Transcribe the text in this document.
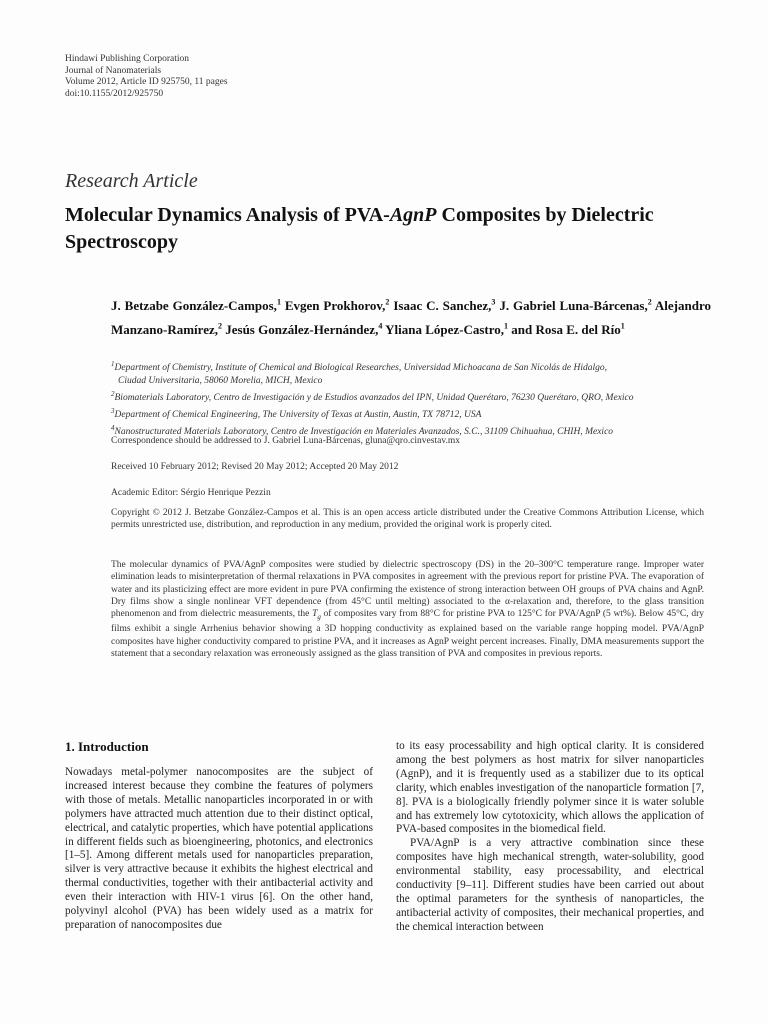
Hindawi Publishing Corporation
Journal of Nanomaterials
Volume 2012, Article ID 925750, 11 pages
doi:10.1155/2012/925750
Research Article
Molecular Dynamics Analysis of PVA-AgnP Composites by Dielectric Spectroscopy
J. Betzabe González-Campos,$^1$ Evgen Prokhorov,$^2$ Isaac C. Sanchez,$^3$ J. Gabriel Luna-Bárcenas,$^2$ Alejandro Manzano-Ramírez,$^2$ Jesús González-Hernández,$^4$ Yliana López-Castro,$^1$ and Rosa E. del Río$^1$
$^1$Department of Chemistry, Institute of Chemical and Biological Researches, Universidad Michoacana de San Nicolás de Hidalgo,
Ciudad Universitaria, 58060 Morelia, MICH, Mexico
$^2$Biomaterials Laboratory, Centro de Investigación y de Estudios avanzados del IPN, Unidad Querétaro, 76230 Querétaro, QRO, Mexico
$^3$Department of Chemical Engineering, The University of Texas at Austin, Austin, TX 78712, USA
$^4$Nanostructurated Materials Laboratory, Centro de Investigación en Materiales Avanzados, S.C., 31109 Chihuahua, CHIH, Mexico
Correspondence should be addressed to J. Gabriel Luna-Bárcenas, gluna@qro.cinvestav.mx
Received 10 February 2012; Revised 20 May 2012; Accepted 20 May 2012
Academic Editor: Sérgio Henrique Pezzin
Copyright © 2012 J. Betzabe González-Campos et al. This is an open access article distributed under the Creative Commons Attribution License, which permits unrestricted use, distribution, and reproduction in any medium, provided the original work is properly cited.
The molecular dynamics of PVA/AgnP composites were studied by dielectric spectroscopy (DS) in the 20–300°C temperature range. Improper water elimination leads to misinterpretation of thermal relaxations in PVA composites in agreement with the previous report for pristine PVA. The evaporation of water and its plasticizing effect are more evident in pure PVA confirming the existence of strong interaction between OH groups of PVA chains and AgnP. Dry films show a single nonlinear VFT dependence (from 45°C until melting) associated to the α-relaxation and, therefore, to the glass transition phenomenon and from dielectric measurements, the $T_g$ of composites vary from 88°C for pristine PVA to 125°C for PVA/AgnP (5 wt%). Below 45°C, dry films exhibit a single Arrhenius behavior showing a 3D hopping conductivity as explained based on the variable range hopping model. PVA/AgnP composites have higher conductivity compared to pristine PVA, and it increases as AgnP weight percent increases. Finally, DMA measurements support the statement that a secondary relaxation was erroneously assigned as the glass transition of PVA and composites in previous reports.
1. Introduction

Nowadays metal-polymer nanocomposites are the subject of increased interest because they combine the features of polymers with those of metals. Metallic nanoparticles incorporated in or with polymers have attracted much attention due to their distinct optical, electrical, and catalytic properties, which have potential applications in different fields such as bioengineering, photonics, and electronics [1–5]. Among different metals used for nanoparticles preparation, silver is very attractive because it exhibits the highest electrical and thermal conductivities, together with their antibacterial activity and even their interaction with HIV-1 virus [6]. On the other hand, polyvinyl alcohol (PVA) has been widely used as a matrix for preparation of nanocomposites due

to its easy processability and high optical clarity. It is considered among the best polymers as host matrix for silver nanoparticles (AgnP), and it is frequently used as a stabilizer due to its optical clarity, which enables investigation of the nanoparticle formation [7, 8]. PVA is a biologically friendly polymer since it is water soluble and has extremely low cytotoxicity, which allows the application of PVA-based composites in the biomedical field.

PVA/AgnP is a very attractive combination since these composites have high mechanical strength, water-solubility, good environmental stability, easy processability, and electrical conductivity [9–11]. Different studies have been carried out about the optimal parameters for the synthesis of nanoparticles, the antibacterial activity of composites, their mechanical properties, and the chemical interaction between
